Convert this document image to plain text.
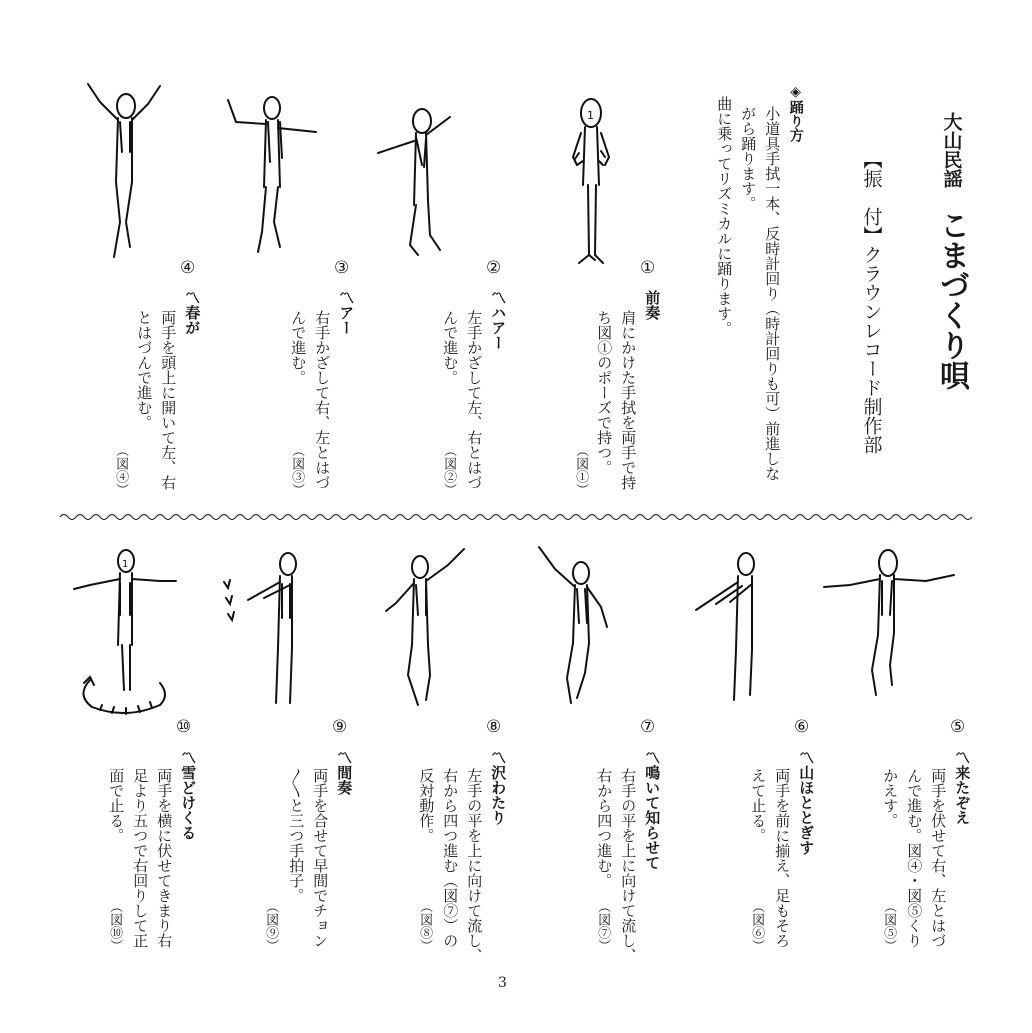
大山民謡
こまづくり唄
【振　付】クラウンレコード制作部
◈踊り方
小道具手拭一本、反時計回り（時計回りも可）前進しな
がら踊ります。
曲に乗ってリズミカルに踊ります。
1
①
②
③
④
前奏
肩にかけた手拭を両手で持
ち図①のポーズで持つ。
（図①）
〽ハアー
左手かざして左、右とはづ
んで進む。
（図②）
〽アー
右手かざして右、左とはづ
んで進む。
（図③）
〽春が
両手を頭上に開いて左、右
とはづんで進む。
（図④）
1
⑤
⑥
⑦
⑧
⑨
⑩
〽来たぞえ
両手を伏せて右、左とはづ
んで進む。図④・図⑤くり
かえす。
（図⑤）
〽山ほととぎす
両手を前に揃え、足もそろ
えて止る。
（図⑥）
〽鳴いて知らせて
右手の平を上に向けて流し、
右から四つ進む。
（図⑦）
〽沢わたり
左手の平を上に向けて流し、
右から四つ進む（図⑦）の
反対動作。
（図⑧）
〽間奏
両手を合せて早間でチョン
〳〵と三つ手拍子。
（図⑨）
〽雪どけくる
両手を横に伏せてきまり右
足より五つで右回りして正
面で止る。
（図⑩）
3
